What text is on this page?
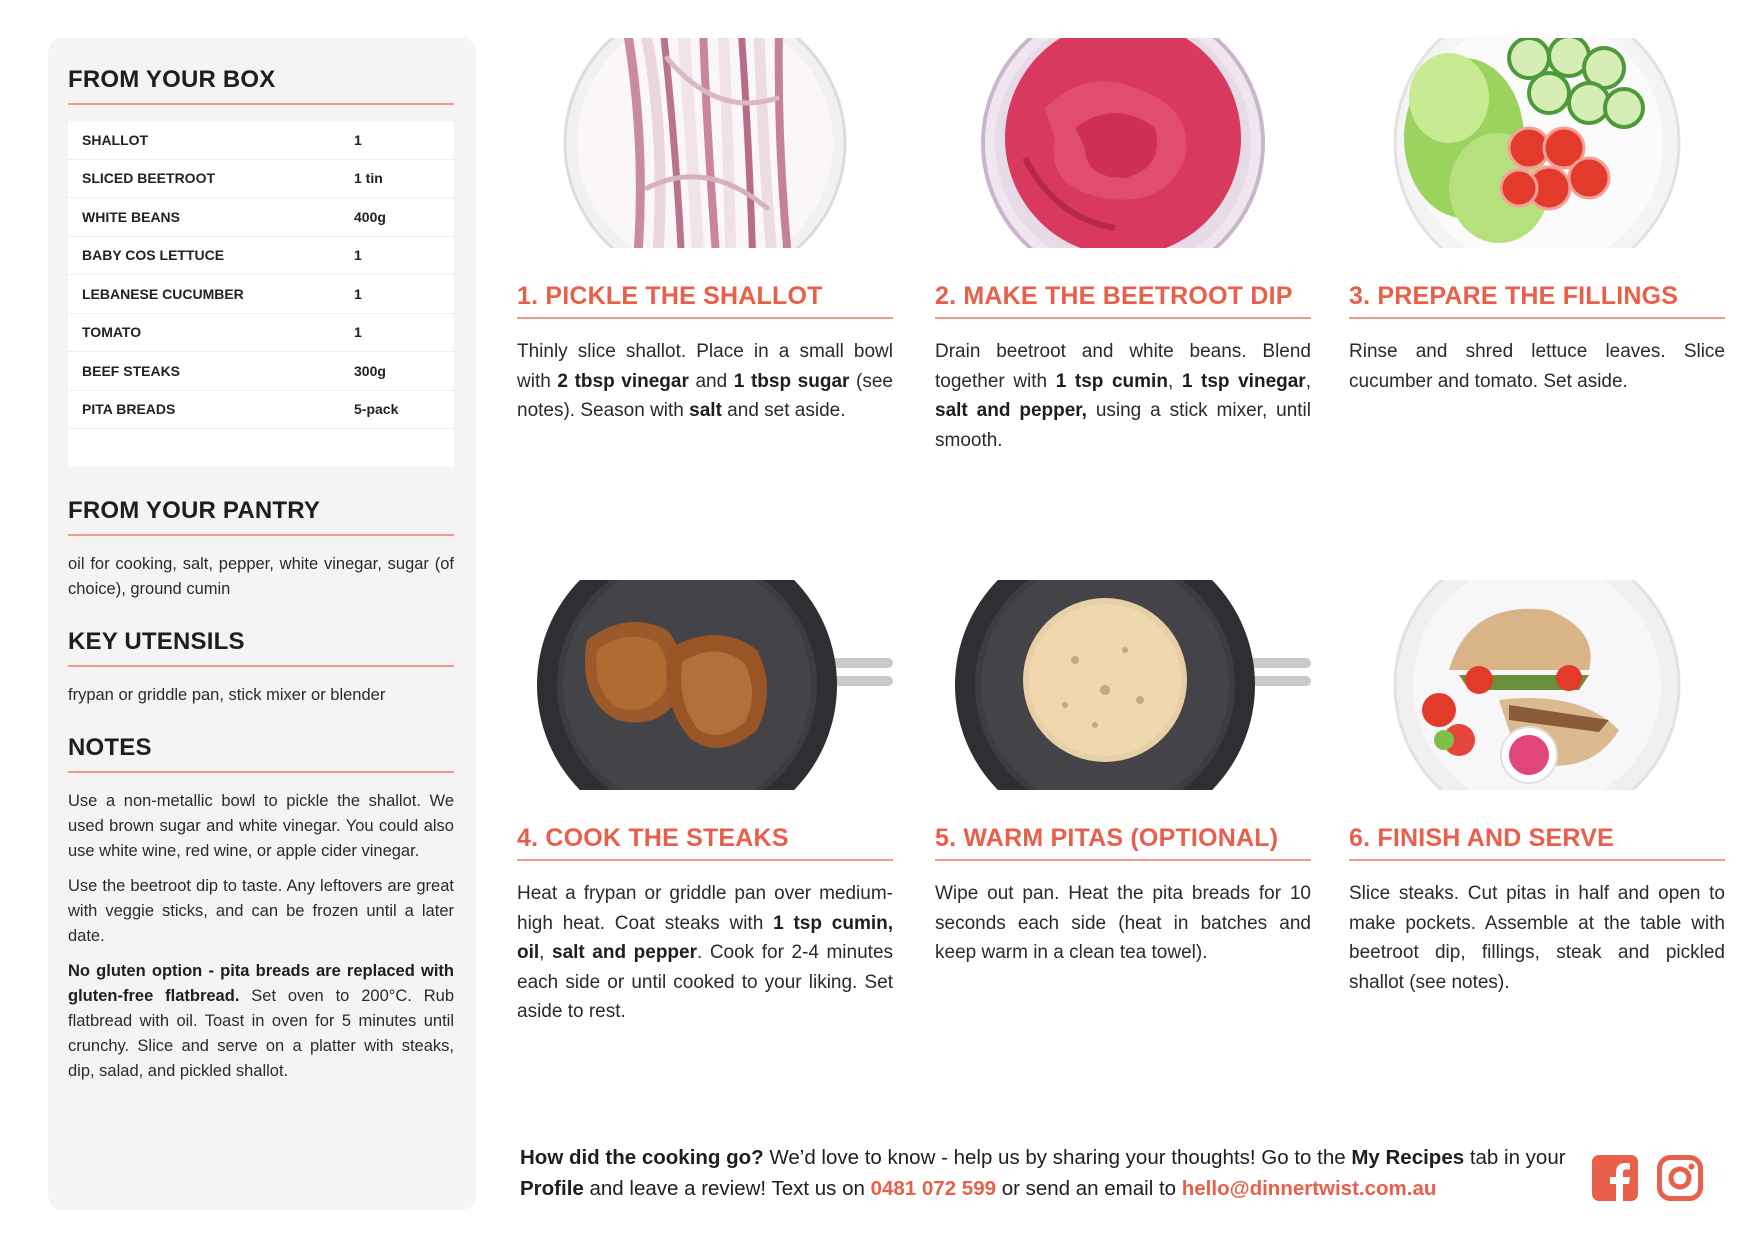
FROM YOUR BOX
SHALLOT	1
SLICED BEETROOT	1 tin
WHITE BEANS	400g
BABY COS LETTUCE	1
LEBANESE CUCUMBER	1
TOMATO	1
BEEF STEAKS	300g
PITA BREADS	5-pack
FROM YOUR PANTRY

oil for cooking, salt, pepper, white vinegar, sugar (of choice), ground cumin

KEY UTENSILS

frypan or griddle pan, stick mixer or blender

NOTES

Use a non-metallic bowl to pickle the shallot. We used brown sugar and white vinegar. You could also use white wine, red wine, or apple cider vinegar.

Use the beetroot dip to taste. Any leftovers are great with veggie sticks, and can be frozen until a later date.

No gluten option - pita breads are replaced with gluten-free flatbread. Set oven to 200°C. Rub flatbread with oil. Toast in oven for 5 minutes until crunchy. Slice and serve on a platter with steaks, dip, salad, and pickled shallot.

1. PICKLE THE SHALLOT

Thinly slice shallot. Place in a small bowl with 2 tbsp vinegar and 1 tbsp sugar (see notes). Season with salt and set aside.

2. MAKE THE BEETROOT DIP

Drain beetroot and white beans. Blend together with 1 tsp cumin, 1 tsp vinegar, salt and pepper, using a stick mixer, until smooth.

3. PREPARE THE FILLINGS

Rinse and shred lettuce leaves. Slice cucumber and tomato. Set aside.

4. COOK THE STEAKS

Heat a frypan or griddle pan over medium-high heat. Coat steaks with 1 tsp cumin, oil, salt and pepper. Cook for 2-4 minutes each side or until cooked to your liking. Set aside to rest.

5. WARM PITAS (OPTIONAL)

Wipe out pan. Heat the pita breads for 10 seconds each side (heat in batches and keep warm in a clean tea towel).

6. FINISH AND SERVE

Slice steaks. Cut pitas in half and open to make pockets. Assemble at the table with beetroot dip, fillings, steak and pickled shallot (see notes).

How did the cooking go? We’d love to know - help us by sharing your thoughts! Go to the My Recipes tab in your Profile and leave a review! Text us on 0481 072 599 or send an email to hello@dinnertwist.com.au
